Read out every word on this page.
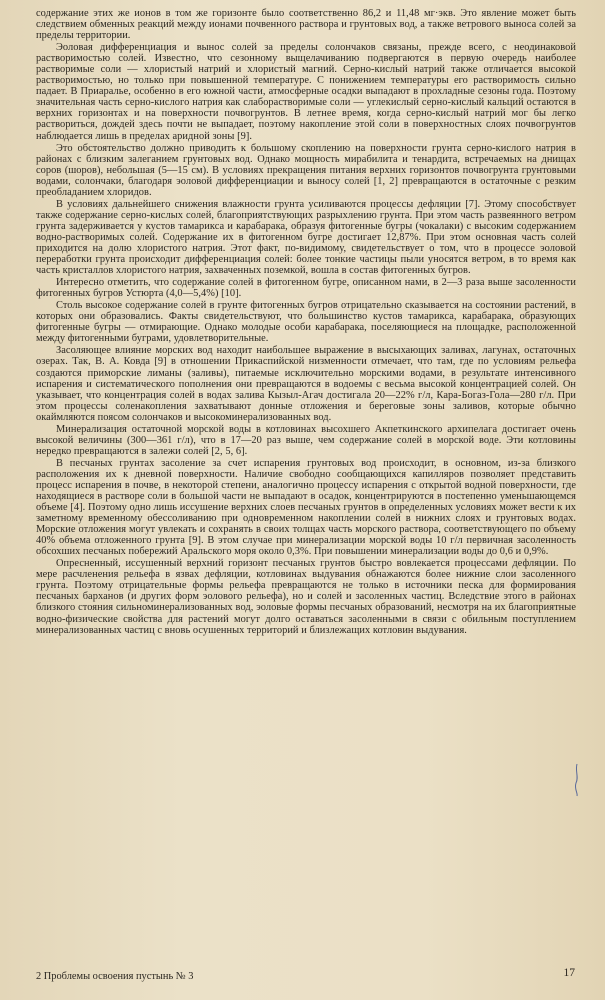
содержание этих же ионов в том же горизонте было соответственно 86,2 и 11,48 мг·экв. Это явление может быть следствием обменных реакций между ионами почвенного раствора и грунтовых вод, а также ветрового выноса солей за пределы территории.

Эоловая дифференциация и вынос солей за пределы солончаков связаны, прежде всего, с неодинаковой растворимостью солей. Известно, что сезонному выщелачиванию подвергаются в первую очередь наиболее растворимые соли — хлористый натрий и хлористый магний. Серно-кислый натрий также отличается высокой растворимостью, но только при повышенной температуре. С понижением температуры его растворимость сильно падает. В Приаралье, особенно в его южной части, атмосферные осадки выпадают в прохладные сезоны года. Поэтому значительная часть серно-кислого натрия как слаборастворимые соли — углекислый серно-кислый кальций остаются в верхних горизонтах и на поверхности почвогрунтов. В летнее время, когда серно-кислый натрий мог бы легко раствориться, дождей здесь почти не выпадает, поэтому накопление этой соли в поверхностных слоях почвогрунтов наблюдается лишь в пределах аридной зоны [9].

Это обстоятельство должно приводить к большому скоплению на поверхности грунта серно-кислого натрия в районах с близким залеганием грунтовых вод. Однако мощность мирабилита и тенардита, встречаемых на днищах соров (шоров), небольшая (5—15 см). В условиях прекращения питания верхних горизонтов почвогрунта грунтовыми водами, солончаки, благодаря эоловой дифференциации и выносу солей [1, 2] превращаются в остаточные с резким преобладанием хлоридов.

В условиях дальнейшего снижения влажности грунта усиливаются процессы дефляции [7]. Этому способствует также содержание серно-кислых солей, благоприятствующих разрыхлению грунта. При этом часть развеянного ветром грунта задерживается у кустов тамарикса и карабарака, образуя фитогенные бугры (чокалаки) с высоким содержанием водно-растворимых солей. Содержание их в фитогенном бугре достигает 12,87%. При этом основная часть солей приходится на долю хлористого натрия. Этот факт, по-видимому, свидетельствует о том, что в процессе эоловой переработки грунта происходит дифференциация солей: более тонкие частицы пыли уносятся ветром, в то время как часть кристаллов хлористого натрия, захваченных поземкой, вошла в состав фитогенных бугров.

Интересно отметить, что содержание солей в фитогенном бугре, описанном нами, в 2—3 раза выше засоленности фитогенных бугров Устюрта (4,0—5,4%) [10].

Столь высокое содержание солей в грунте фитогенных бугров отрицательно сказывается на состоянии растений, в которых они образовались. Факты свидетельствуют, что большинство кустов тамарикса, карабарака, образующих фитогенные бугры — отмирающие. Однако молодые особи карабарака, поселяющиеся на площадке, расположенной между фитогенными буграми, удовлетворительные.

Засоляющее влияние морских вод находит наибольшее выражение в высыхающих заливах, лагунах, остаточных озерах. Так, В. А. Ковда [9] в отношении Прикаспийской низменности отмечает, что там, где по условиям рельефа создаются приморские лиманы (заливы), питаемые исключительно морскими водами, в результате интенсивного испарения и систематического пополнения они превращаются в водоемы с весьма высокой концентрацией солей. Он указывает, что концентрация солей в водах залива Кызыл-Агач достигала 20—22% г/л, Кара-Богаз-Гола—280 г/л. При этом процессы соленакопления захватывают донные отложения и береговые зоны заливов, которые обычно окаймляются поясом солончаков и высокоминерализованных вод.

Минерализация остаточной морской воды в котловинах высохшего Акпеткинского архипелага достигает очень высокой величины (300—361 г/л), что в 17—20 раз выше, чем содержание солей в морской воде. Эти котловины нередко превращаются в залежи солей [2, 5, 6].

В песчаных грунтах засоление за счет испарения грунтовых вод происходит, в основном, из-за близкого расположения их к дневной поверхности. Наличие свободно сообщающихся капилляров позволяет представить процесс испарения в почве, в некоторой степени, аналогично процессу испарения с открытой водной поверхности, где находящиеся в растворе соли в большой части не выпадают в осадок, концентрируются в постепенно уменьшающемся объеме [4]. Поэтому одно лишь иссушение верхних слоев песчаных грунтов в определенных условиях может вести к их заметному временному обессоливанию при одновременном накоплении солей в нижних слоях и грунтовых водах. Морские отложения могут увлекать и сохранять в своих толщах часть морского раствора, соответствующего по объему 40% объема отложенного грунта [9]. В этом случае при минерализации морской воды 10 г/л первичная засоленность обсохших песчаных побережий Аральского моря около 0,3%. При повышении минерализации воды до 0,6 и 0,9%.

Опресненный, иссушенный верхний горизонт песчаных грунтов быстро вовлекается процессами дефляции. По мере расчленения рельефа в язвах дефляции, котловинах выдувания обнажаются более нижние слои засоленного грунта. Поэтому отрицательные формы рельефа превращаются не только в источники песка для формирования песчаных барханов (и других форм эолового рельефа), но и солей и засоленных частиц. Вследствие этого в районах близкого стояния сильноминерализованных вод, эоловые формы песчаных образований, несмотря на их благоприятные водно-физические свойства для растений могут долго оставаться засоленными в связи с обильным поступлением минерализованных частиц с вновь осушенных территорий и близлежащих котловин выдувания.

2 Проблемы освоения пустынь № 3	17
